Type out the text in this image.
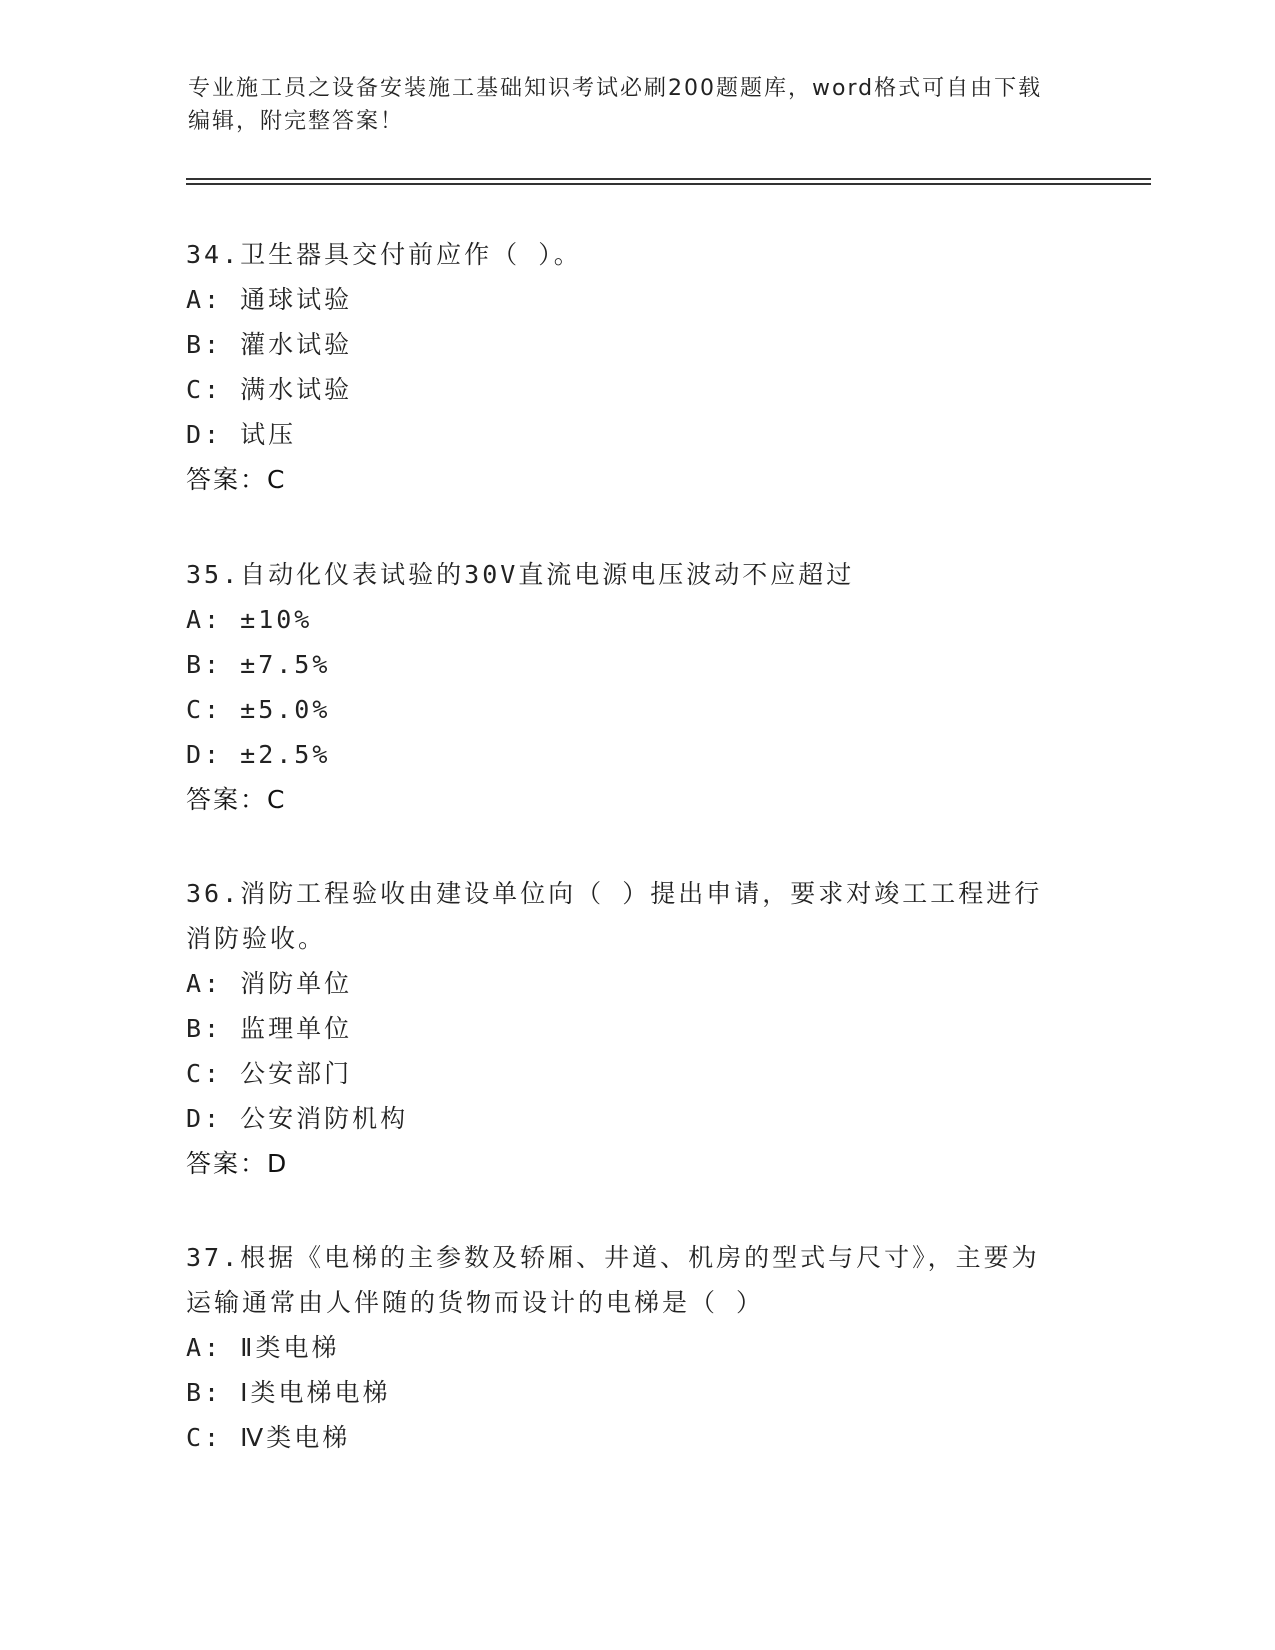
专业施工员之设备安装施工基础知识考试必刷200题题库，word格式可自由下载
编辑，附完整答案！
34.卫生器具交付前应作（ ）。
A: 通球试验
B: 灌水试验
C: 满水试验
D: 试压
答案：C
35.自动化仪表试验的30V直流电源电压波动不应超过
A: ±10%
B: ±7.5%
C: ±5.0%
D: ±2.5%
答案：C
36.消防工程验收由建设单位向（ ）提出申请，要求对竣工工程进行
消防验收。
A: 消防单位
B: 监理单位
C: 公安部门
D: 公安消防机构
答案：D
37.根据《电梯的主参数及轿厢、井道、机房的型式与尺寸》，主要为
运输通常由人伴随的货物而设计的电梯是（ ）
A: Ⅱ类电梯
B: Ⅰ类电梯电梯
C: Ⅳ类电梯
